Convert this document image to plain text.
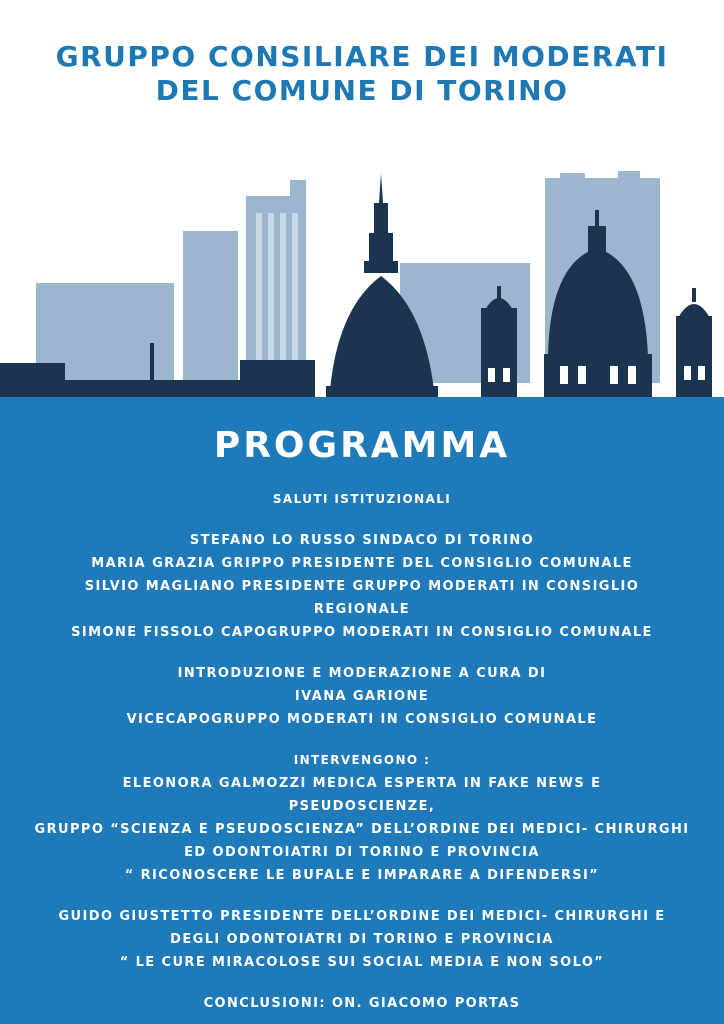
GRUPPO CONSILIARE DEI MODERATI
DEL COMUNE DI TORINO
PROGRAMMA
SALUTI ISTITUZIONALI
STEFANO LO RUSSO SINDACO DI TORINO
MARIA GRAZIA GRIPPO PRESIDENTE DEL CONSIGLIO COMUNALE
SILVIO MAGLIANO PRESIDENTE GRUPPO MODERATI IN CONSIGLIO
REGIONALE
SIMONE FISSOLO CAPOGRUPPO MODERATI IN CONSIGLIO COMUNALE
INTRODUZIONE E MODERAZIONE A CURA DI
IVANA GARIONE
VICECAPOGRUPPO MODERATI IN CONSIGLIO COMUNALE
INTERVENGONO :
ELEONORA GALMOZZI MEDICA ESPERTA IN FAKE NEWS E
PSEUDOSCIENZE,
GRUPPO “SCIENZA E PSEUDOSCIENZA” DELL’ORDINE DEI MEDICI- CHIRURGHI
ED ODONTOIATRI DI TORINO E PROVINCIA
“ RICONOSCERE LE BUFALE E IMPARARE A DIFENDERSI”
GUIDO GIUSTETTO PRESIDENTE DELL’ORDINE DEI MEDICI- CHIRURGHI E
DEGLI ODONTOIATRI DI TORINO E PROVINCIA
“ LE CURE MIRACOLOSE SUI SOCIAL MEDIA E NON SOLO”
CONCLUSIONI: ON. GIACOMO PORTAS
